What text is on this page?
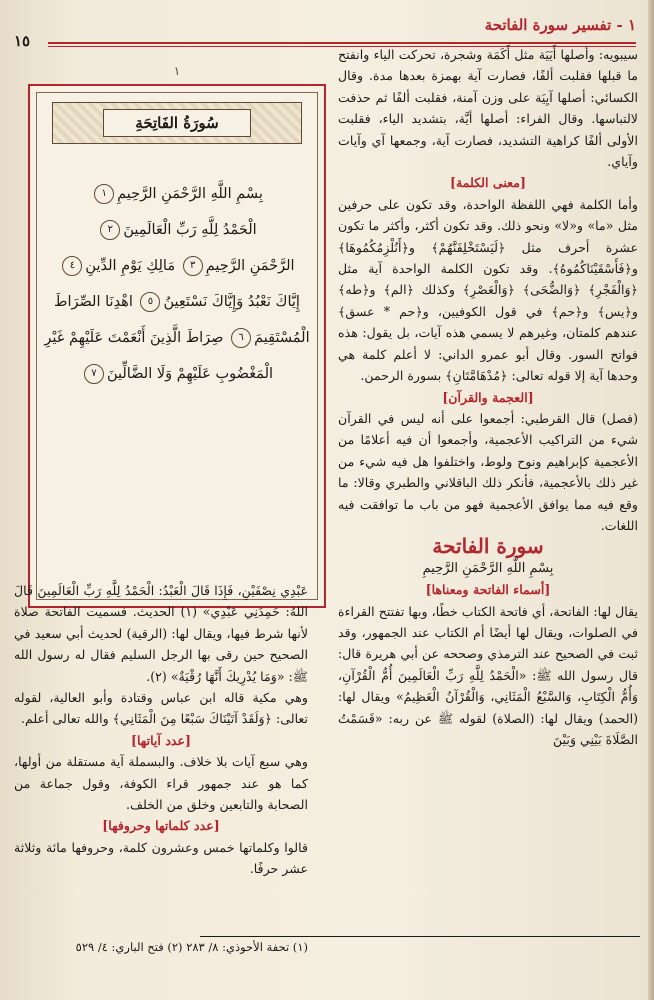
١ - تفسير سورة الفاتحة
١٥

سيبويه: وأصلها أَيَيَة مثل أَكَمَة وشجرة، تحركت الياء وانفتح ما قبلها فقلبت ألفًا، فصارت آية بهمزة بعدها مدة. وقال الكسائي: أصلها آيِيَة على وزن آمنة، فقلبت ألفًا ثم حذفت لالتباسها. وقال الفراء: أصلها أيَّة، بتشديد الياء، فقلبت الأولى ألفًا كراهية التشديد، فصارت آية، وجمعها آي وآيات وآياي.

[معنى الكلمة]

وأما الكلمة فهي اللفظة الواحدة، وقد تكون على حرفين مثل «ما» و«لا» ونحو ذلك. وقد تكون أكثر، وأكثر ما تكون عشرة أحرف مثل ﴿لَيَسْتَخْلِفَنَّهُمْ﴾ و﴿أَنُلْزِمُكُمُوهَا﴾ و﴿فَأَسْقَيْنَاكُمُوهُ﴾. وقد تكون الكلمة الواحدة آية مثل ﴿وَالْفَجْرِ﴾ ﴿وَالضُّحَى﴾ ﴿وَالْعَصْرِ﴾ وكذلك ﴿الم﴾ و﴿طه﴾ و﴿يس﴾ و﴿حم﴾ في قول الكوفيين، و﴿حم * عسق﴾ عندهم كلمتان، وغيرهم لا يسمي هذه آيات، بل يقول: هذه فواتح السور. وقال أبو عمرو الداني: لا أعلم كلمة هي وحدها آية إلا قوله تعالى: ﴿مُدْهَامَّتَانِ﴾ بسورة الرحمن.

[العجمة والقرآن]

(فصل) قال القرطبي: أجمعوا على أنه ليس في القرآن شيء من التراكيب الأعجمية، وأجمعوا أن فيه أعلامًا من الأعجمية كإبراهيم ونوح ولوط، واختلفوا هل فيه شيء من غير ذلك بالأعجمية، فأنكر ذلك الباقلاني والطبري وقالا: ما وقع فيه مما يوافق الأعجمية فهو من باب ما توافقت فيه اللغات.

سورة الفاتحة

بِسْمِ اللَّهِ الرَّحْمَنِ الرَّحِيمِ

[أسماء الفاتحة ومعناها]

يقال لها: الفاتحة، أي فاتحة الكتاب خطًا، وبها تفتتح القراءة في الصلوات، ويقال لها أيضًا أم الكتاب عند الجمهور، وقد ثبت في الصحيح عند الترمذي وصححه عن أبي هريرة قال: قال رسول الله ﷺ: «الْحَمْدُ لِلَّهِ رَبِّ الْعَالَمِينَ أُمُّ الْقُرْآنِ، وَأُمُّ الْكِتَابِ، وَالسَّبْعُ الْمَثَانِي، وَالْقُرْآنُ الْعَظِيمُ» ويقال لها: (الحمد) ويقال لها: (الصلاة) لقوله ﷺ عن ربه: «قَسَمْتُ الصَّلَاةَ بَيْنِي وَبَيْنَ

١
سُورَةُ الفَاتِحَةِ
بِسْمِ اللَّهِ الرَّحْمَنِ الرَّحِيمِ١
الْحَمْدُ لِلَّهِ رَبِّ الْعَالَمِينَ٢
الرَّحْمَنِ الرَّحِيمِ٣ مَالِكِ يَوْمِ الدِّينِ٤
إِيَّاكَ نَعْبُدُ وَإِيَّاكَ نَسْتَعِينُ٥ اهْدِنَا الصِّرَاطَ الْمُسْتَقِيمَ٦ صِرَاطَ الَّذِينَ أَنْعَمْتَ عَلَيْهِمْ غَيْرِ الْمَغْضُوبِ عَلَيْهِمْ وَلَا الضَّالِّينَ٧

عَبْدِي نِصْفَيْنِ، فَإِذَا قَالَ الْعَبْدُ: الْحَمْدُ لِلَّهِ رَبِّ الْعَالَمِينَ قَالَ اللهُ: حَمِدَنِي عَبْدِي» (١) الحديث. فسميت الفاتحة صلاة لأنها شرط فيها، ويقال لها: (الرقية) لحديث أبي سعيد في الصحيح حين رقى بها الرجل السليم فقال له رسول الله ﷺ: «وَمَا يُدْرِيكَ أَنَّهَا رُقْيَةٌ» (٢).

وهي مكية قاله ابن عباس وقتادة وأبو العالية، لقوله تعالى: ﴿وَلَقَدْ آتَيْنَاكَ سَبْعًا مِنَ الْمَثَانِي﴾ والله تعالى أعلم.

[عدد آياتها]

وهي سبع آيات بلا خلاف. والبسملة آية مستقلة من أولها، كما هو عند جمهور قراء الكوفة، وقول جماعة من الصحابة والتابعين وخلق من الخلف.

[عدد كلماتها وحروفها]

قالوا وكلماتها خمس وعشرون كلمة، وحروفها مائة وثلاثة عشر حرفًا.

(١) تحفة الأحوذي: ٨/ ٢٨٣ (٢) فتح الباري: ٤/ ٥٢٩
